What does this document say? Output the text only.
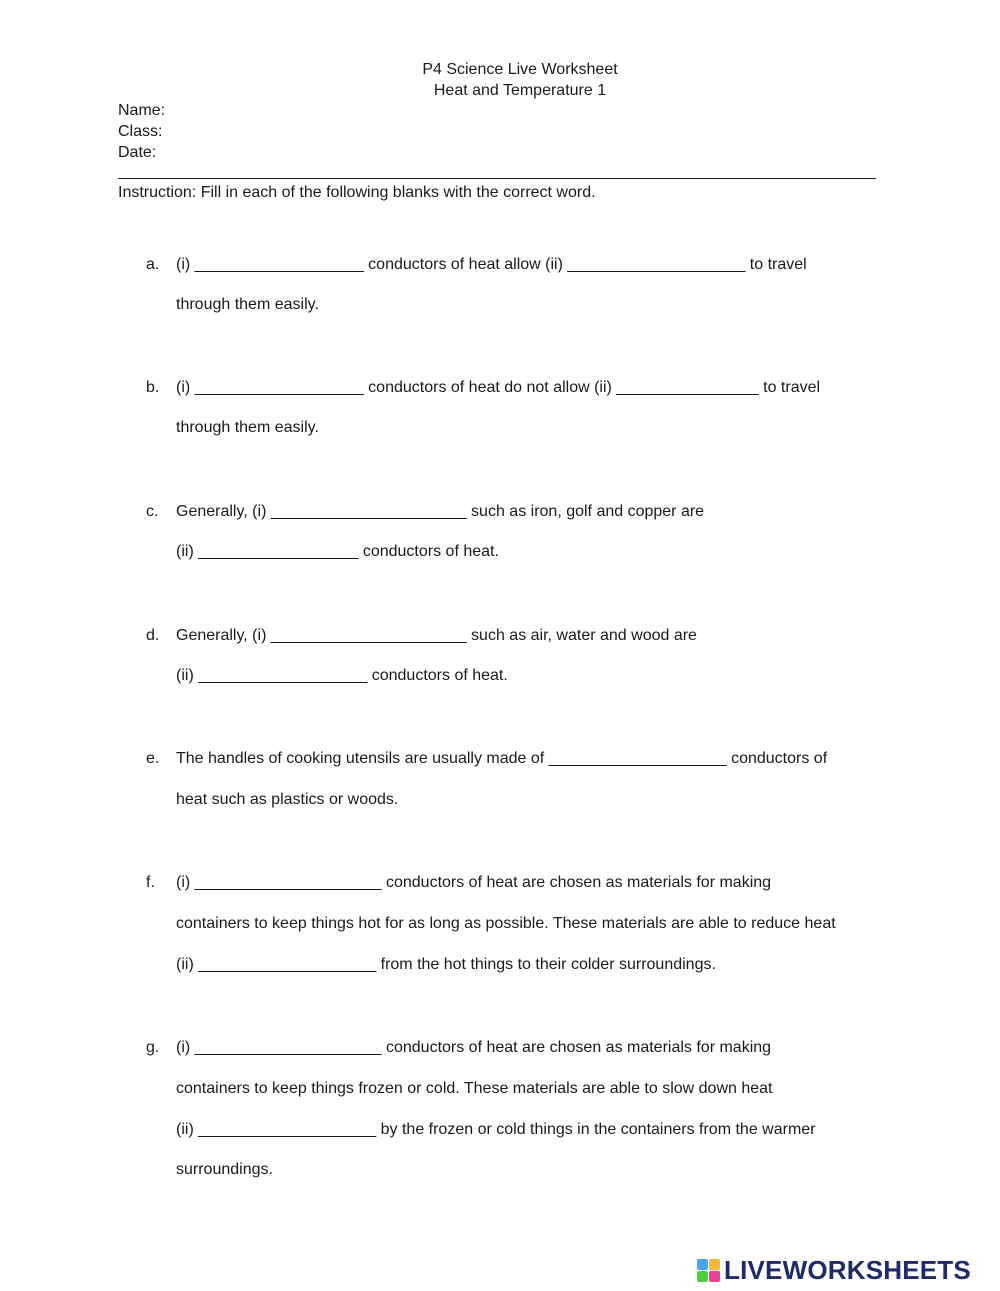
P4 Science Live Worksheet
Heat and Temperature 1
Name:
Class:
Date:
Instruction: Fill in each of the following blanks with the correct word.
a. (i) ___________________ conductors of heat allow (ii) ____________________ to travel
through them easily.
b. (i) ___________________ conductors of heat do not allow (ii) ________________ to travel
through them easily.
c. Generally, (i) ______________________ such as iron, golf and copper are
(ii) __________________ conductors of heat.
d. Generally, (i) ______________________ such as air, water and wood are
(ii) ___________________ conductors of heat.
e. The handles of cooking utensils are usually made of ____________________ conductors of
heat such as plastics or woods.
f. (i) _____________________ conductors of heat are chosen as materials for making
containers to keep things hot for as long as possible. These materials are able to reduce heat
(ii) ____________________ from the hot things to their colder surroundings.
g. (i) _____________________ conductors of heat are chosen as materials for making
containers to keep things frozen or cold. These materials are able to slow down heat
(ii) ____________________ by the frozen or cold things in the containers from the warmer
surroundings.
LIVEWORKSHEETS
